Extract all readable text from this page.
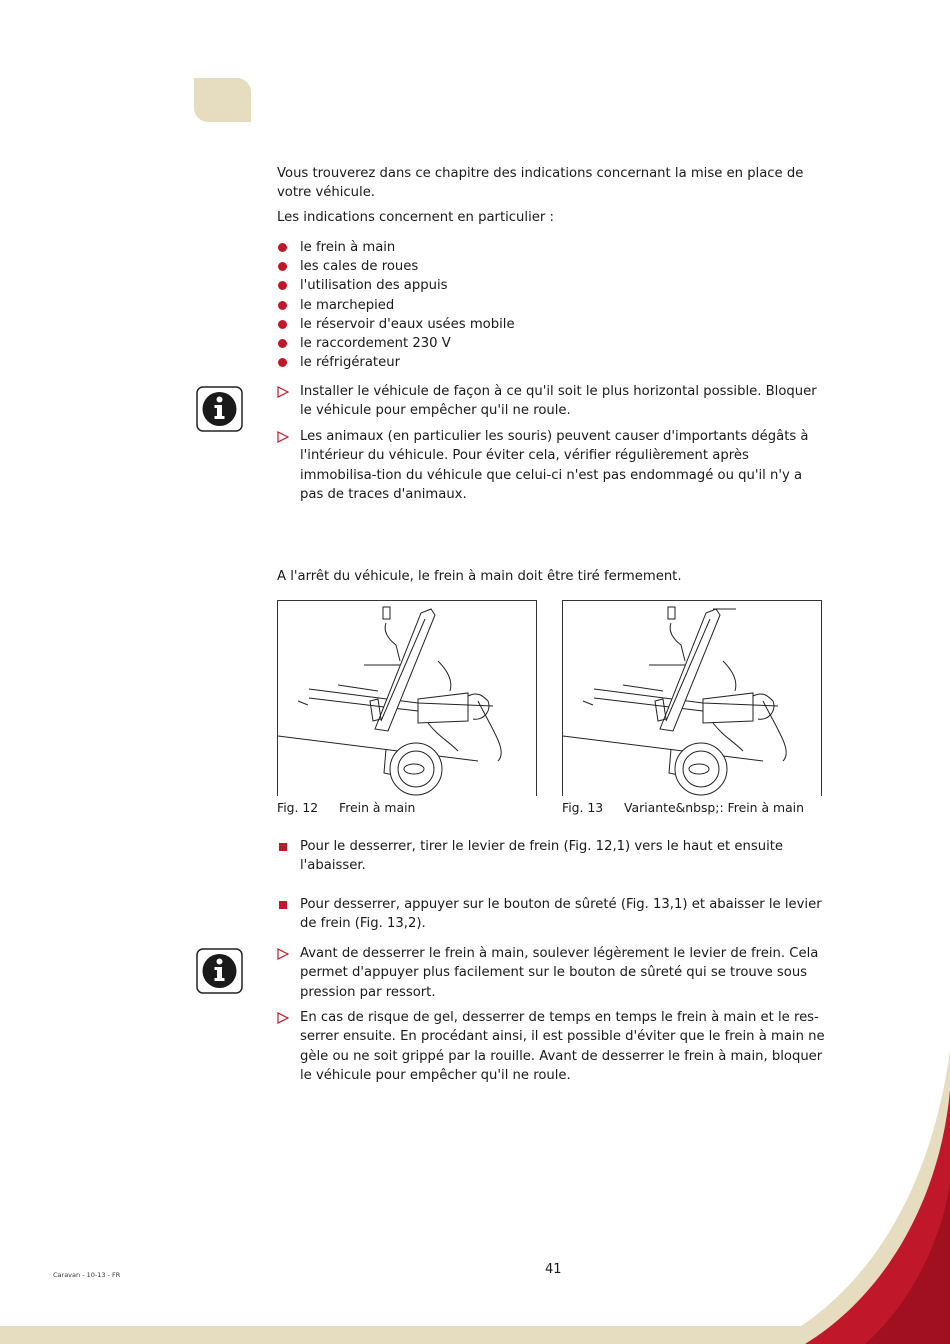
Vous trouverez dans ce chapitre des indications concernant la mise en place de votre véhicule.

Les indications concernent en particulier :

le frein à main
les cales de roues
l'utilisation des appuis
le marchepied
le réservoir d'eaux usées mobile
le raccordement 230 V
le réfrigérateur
Installer le véhicule de façon à ce qu'il soit le plus horizontal possible. Bloquer le véhicule pour empêcher qu'il ne roule.
Les animaux (en particulier les souris) peuvent causer d'importants dégâts à l'intérieur du véhicule. Pour éviter cela, vérifier régulièrement après immobilisa-tion du véhicule que celui-ci n'est pas endommagé ou qu'il n'y a pas de traces d'animaux.
A l'arrêt du véhicule, le frein à main doit être tiré fermement.
Fig. 12 Frein à main	Fig. 13 Variante&nbsp;: Frein à main
Pour le desserrer, tirer le levier de frein (Fig. 12,1) vers le haut et ensuite l'abaisser.
Pour desserrer, appuyer sur le bouton de sûreté (Fig. 13,1) et abaisser le levier de frein (Fig. 13,2).
Avant de desserrer le frein à main, soulever légèrement le levier de frein. Cela permet d'appuyer plus facilement sur le bouton de sûreté qui se trouve sous pression par ressort.
En cas de risque de gel, desserrer de temps en temps le frein à main et le res-serrer ensuite. En procédant ainsi, il est possible d'éviter que le frein à main ne gèle ou ne soit grippé par la rouille. Avant de desserrer le frein à main, bloquer le véhicule pour empêcher qu'il ne roule.
Caravan - 10-13 - FR	41
